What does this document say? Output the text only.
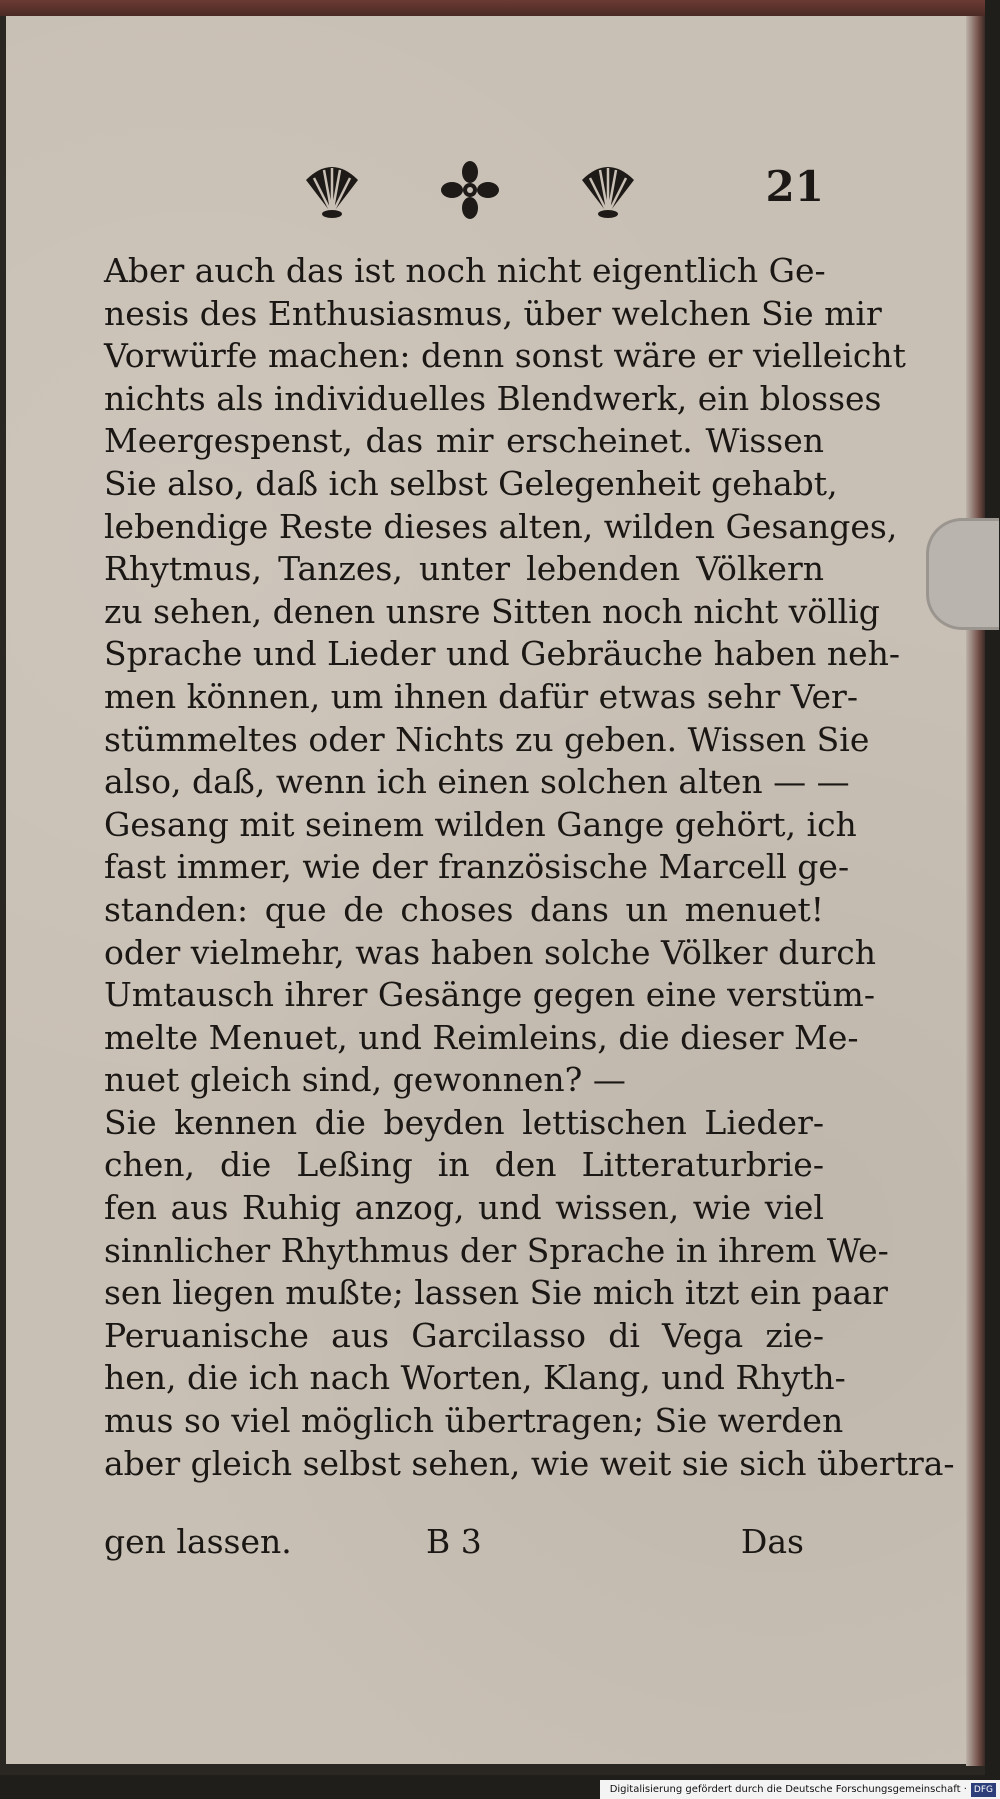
21
Aber auch das ist noch nicht eigentlich Ge-
nesis des Enthusiasmus, über welchen Sie mir
Vorwürfe machen: denn sonst wäre er vielleicht
nichts als individuelles Blendwerk, ein blosses
Meergespenst, das mir erscheinet. Wissen
Sie also, daß ich selbst Gelegenheit gehabt,
lebendige Reste dieses alten, wilden Gesanges,
Rhytmus, Tanzes, unter lebenden Völkern
zu sehen, denen unsre Sitten noch nicht völlig
Sprache und Lieder und Gebräuche haben neh-
men können, um ihnen dafür etwas sehr Ver-
stümmeltes oder Nichts zu geben. Wissen Sie
also, daß, wenn ich einen solchen alten — —
Gesang mit seinem wilden Gange gehört, ich
fast immer, wie der französische Marcell ge-
standen: que de choses dans un menuet!
oder vielmehr, was haben solche Völker durch
Umtausch ihrer Gesänge gegen eine verstüm-
melte Menuet, und Reimleins, die dieser Me-
nuet gleich sind, gewonnen? —
Sie kennen die beyden lettischen Lieder-
chen, die Leßing in den Litteraturbrie-
fen aus Ruhig anzog, und wissen, wie viel
sinnlicher Rhythmus der Sprache in ihrem We-
sen liegen mußte; lassen Sie mich itzt ein paar
Peruanische aus Garcilasso di Vega zie-
hen, die ich nach Worten, Klang, und Rhyth-
mus so viel möglich übertragen; Sie werden
aber gleich selbst sehen, wie weit sie sich übertra-
gen lassen.	B 3	Das
Digitalisierung gefördert durch die Deutsche Forschungsgemeinschaft · DFG
